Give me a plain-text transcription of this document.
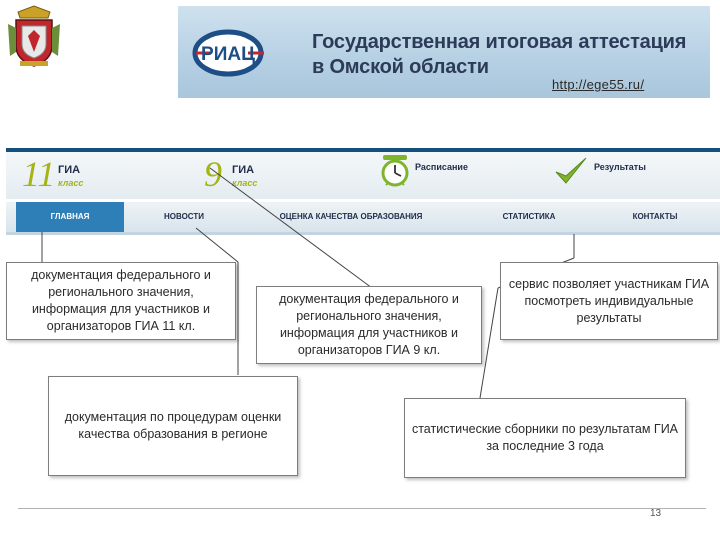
РИАЦ
Государственная итоговая аттестация в Омской области
http://ege55.ru/
11 ГИА
класс	9 ГИА
класс
Расписание	Результаты
ГЛАВНАЯ	НОВОСТИ	ОЦЕНКА КАЧЕСТВА ОБРАЗОВАНИЯ	СТАТИСТИКА	КОНТАКТЫ
документация федерального и регионального значения, информация для участников и организаторов ГИА 11 кл.
документация федерального и регионального значения, информация для участников и организаторов ГИА 9 кл.
сервис позволяет участникам ГИА посмотреть индивидуальные результаты
документация по процедурам оценки качества образования в регионе	статистические сборники по результатам ГИА за последние 3 года
13
